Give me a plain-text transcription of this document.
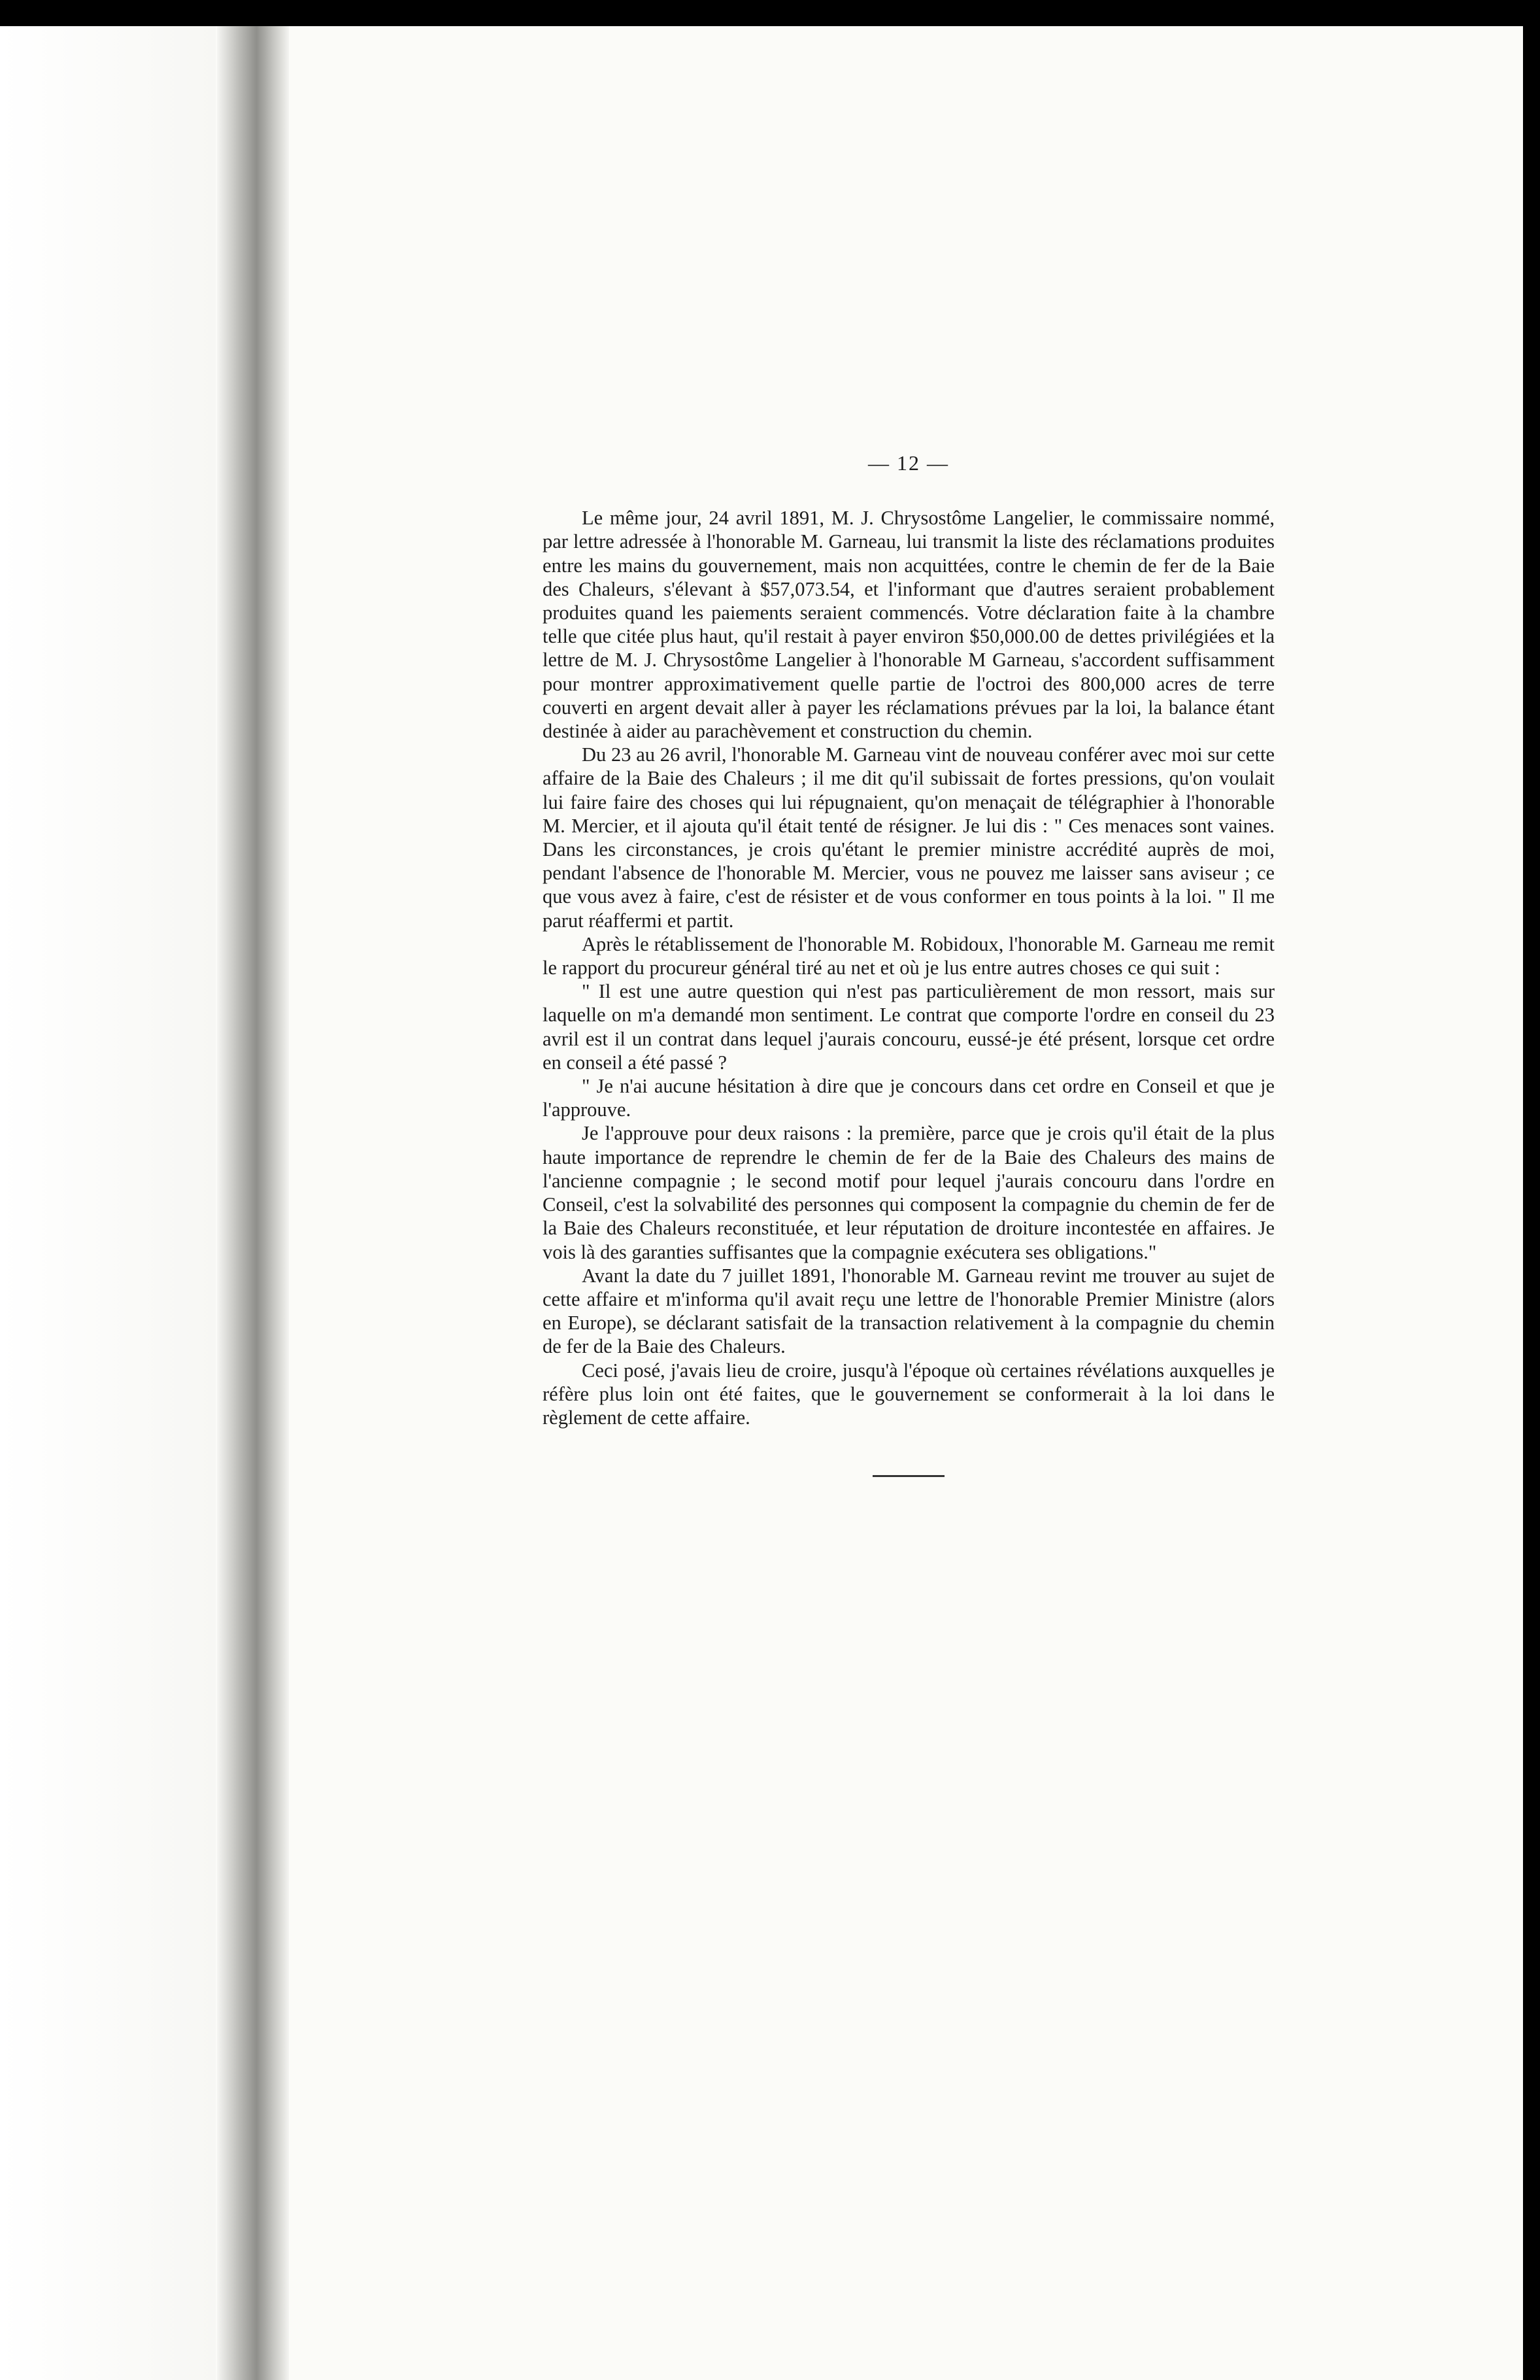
— 12 —

Le même jour, 24 avril 1891, M. J. Chrysostôme Langelier, le commissaire nommé, par lettre adressée à l'honorable M. Garneau, lui transmit la liste des réclamations produites entre les mains du gouvernement, mais non acquittées, contre le chemin de fer de la Baie des Chaleurs, s'élevant à $57,073.54, et l'informant que d'autres seraient probablement produites quand les paiements seraient commencés. Votre déclaration faite à la chambre telle que citée plus haut, qu'il restait à payer environ $50,000.00 de dettes privilégiées et la lettre de M. J. Chrysostôme Langelier à l'honorable M Garneau, s'accordent suffisamment pour montrer approximativement quelle partie de l'octroi des 800,000 acres de terre couverti en argent devait aller à payer les réclamations prévues par la loi, la balance étant destinée à aider au parachèvement et construction du chemin.

Du 23 au 26 avril, l'honorable M. Garneau vint de nouveau conférer avec moi sur cette affaire de la Baie des Chaleurs ; il me dit qu'il subissait de fortes pressions, qu'on voulait lui faire faire des choses qui lui répugnaient, qu'on menaçait de télégraphier à l'honorable M. Mercier, et il ajouta qu'il était tenté de résigner. Je lui dis : " Ces menaces sont vaines. Dans les circonstances, je crois qu'étant le premier ministre accrédité auprès de moi, pendant l'absence de l'honorable M. Mercier, vous ne pouvez me laisser sans aviseur ; ce que vous avez à faire, c'est de résister et de vous conformer en tous points à la loi. " Il me parut réaffermi et partit.

Après le rétablissement de l'honorable M. Robidoux, l'honorable M. Garneau me remit le rapport du procureur général tiré au net et où je lus entre autres choses ce qui suit :

" Il est une autre question qui n'est pas particulièrement de mon ressort, mais sur laquelle on m'a demandé mon sentiment. Le contrat que comporte l'ordre en conseil du 23 avril est il un contrat dans lequel j'aurais concouru, eussé-je été présent, lorsque cet ordre en conseil a été passé ?

" Je n'ai aucune hésitation à dire que je concours dans cet ordre en Conseil et que je l'approuve.

Je l'approuve pour deux raisons : la première, parce que je crois qu'il était de la plus haute importance de reprendre le chemin de fer de la Baie des Chaleurs des mains de l'ancienne compagnie ; le second motif pour lequel j'aurais concouru dans l'ordre en Conseil, c'est la solvabilité des personnes qui composent la compagnie du chemin de fer de la Baie des Chaleurs reconstituée, et leur réputation de droiture incontestée en affaires. Je vois là des garanties suffisantes que la compagnie exécutera ses obligations."

Avant la date du 7 juillet 1891, l'honorable M. Garneau revint me trouver au sujet de cette affaire et m'informa qu'il avait reçu une lettre de l'honorable Premier Ministre (alors en Europe), se déclarant satisfait de la transaction relativement à la compagnie du chemin de fer de la Baie des Chaleurs.

Ceci posé, j'avais lieu de croire, jusqu'à l'époque où certaines révélations auxquelles je réfère plus loin ont été faites, que le gouvernement se conformerait à la loi dans le règlement de cette affaire.
